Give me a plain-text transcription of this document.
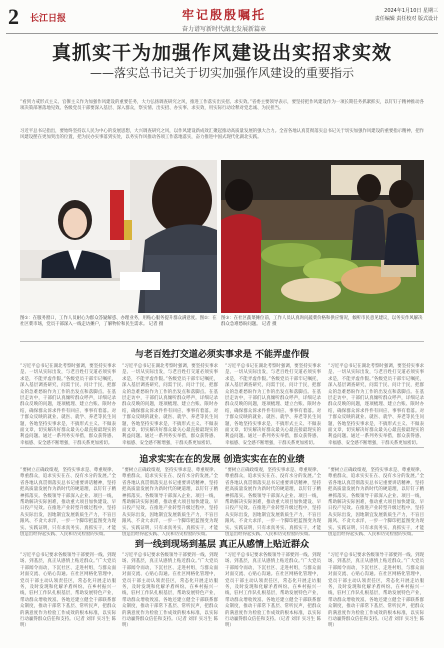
2 长江日报	牢记殷殷嘱托
奋力谱写新时代湖北发展新篇章
2024年1月10日 星期三
责任编辑 责任校对 版式设计
真抓实干为加强作风建设出实招求实效
——落实总书记关于切实加强作风建设的重要指示
“看到力戒形式主义、官僚主义作为加强作风建设的重要任务，大力弘扬调查研究之风，推进工作落实出实招、求实效。”省委主要领导表示，要坚持把作风建设作为一项长期任务抓紧抓实，以钉钉子精神推动各项决策部署落地见效。各级党员干部要深入基层、深入群众，察实情、出实招、办实事、求实效，用实际行动诠释对党忠诚、为民担当。
习近平总书记指出，要始终坚持以人民为中心的发展思想，大兴调查研究之风，以作风建设新成效汇聚起推动高质量发展的强大合力。全省各地认真贯彻落实总书记关于切实加强作风建设的重要指示精神，把作风建设摆在更加突出的位置，把为民办实事落到实处，以务实作风推动各项工作落地落实，奋力推进中国式现代化湖北实践。
图①：在服务窗口，工作人员耐心为群众答疑解惑、办理业务，用贴心服务提升群众满意度。图②：在社区菜市场，党员干部深入一线走访摊户，了解物价和民生需求。 记者 摄
图③：在社区蔬菜摊位前，工作人员认真询问蔬菜价格和供应情况，倾听市民意见建议，以务实作风解决群众急难愁盼问题。 记者 摄
与老百姓打交道必须实事求是 不能弄虚作假
“习近平总书记在湖北考察时强调，要坚持实事求是、一切从实际出发，与老百姓打交道必须实事求是，不能弄虚作假。”各级党员干部牢记嘱托，深入基层调查研究，问需于民、问计于民，把群众的急难愁盼作为工作的出发点和落脚点。在基层走访中，干部们认真倾听群众呼声，详细记录群众反映的问题，逐项梳理、建立台账、限时办结，确保群众诉求件件有回应、事事有着落。对于群众反映的就业、就医、就学、养老等民生问题，各地坚持实事求是，不搞形式主义、不做表面文章，切实解决好群众最关心最直接最现实的利益问题。通过一系列务实举措，群众获得感、幸福感、安全感不断增强，干群关系更加密切。
“习近平总书记在湖北考察时强调，要坚持实事求是、一切从实际出发，与老百姓打交道必须实事求是，不能弄虚作假。”各级党员干部牢记嘱托，深入基层调查研究，问需于民、问计于民，把群众的急难愁盼作为工作的出发点和落脚点。在基层走访中，干部们认真倾听群众呼声，详细记录群众反映的问题，逐项梳理、建立台账、限时办结，确保群众诉求件件有回应、事事有着落。对于群众反映的就业、就医、就学、养老等民生问题，各地坚持实事求是，不搞形式主义、不做表面文章，切实解决好群众最关心最直接最现实的利益问题。通过一系列务实举措，群众获得感、幸福感、安全感不断增强，干群关系更加密切。
“习近平总书记在湖北考察时强调，要坚持实事求是、一切从实际出发，与老百姓打交道必须实事求是，不能弄虚作假。”各级党员干部牢记嘱托，深入基层调查研究，问需于民、问计于民，把群众的急难愁盼作为工作的出发点和落脚点。在基层走访中，干部们认真倾听群众呼声，详细记录群众反映的问题，逐项梳理、建立台账、限时办结，确保群众诉求件件有回应、事事有着落。对于群众反映的就业、就医、就学、养老等民生问题，各地坚持实事求是，不搞形式主义、不做表面文章，切实解决好群众最关心最直接最现实的利益问题。通过一系列务实举措，群众获得感、幸福感、安全感不断增强，干群关系更加密切。
“习近平总书记在湖北考察时强调，要坚持实事求是、一切从实际出发，与老百姓打交道必须实事求是，不能弄虚作假。”各级党员干部牢记嘱托，深入基层调查研究，问需于民、问计于民，把群众的急难愁盼作为工作的出发点和落脚点。在基层走访中，干部们认真倾听群众呼声，详细记录群众反映的问题，逐项梳理、建立台账、限时办结，确保群众诉求件件有回应、事事有着落。对于群众反映的就业、就医、就学、养老等民生问题，各地坚持实事求是，不搞形式主义、不做表面文章，切实解决好群众最关心最直接最现实的利益问题。通过一系列务实举措，群众获得感、幸福感、安全感不断增强，干群关系更加密切。
追求实实在在的发展 创造实实在在的业绩
“要树立正确政绩观，坚持实事求是、尊重规律、尊重群众，追求实实在在、没有水分的发展。”全省各地认真贯彻落实总书记重要讲话精神，坚持把高质量发展作为新时代的硬道理，以钉钉子精神抓落实。各级领导干部深入企业、项目一线，帮助解决实际困难，推动重大项目加快建设、早日投产见效。在推进产业转型升级过程中，坚持从实际出发，因地制宜发展新质生产力，不盲目跟风、不贪大求洋，一步一个脚印把蓝图变为现实。实践证明，只有求真务实、真抓实干，才能创造出经得起实践、人民和历史检验的实绩。
“要树立正确政绩观，坚持实事求是、尊重规律、尊重群众，追求实实在在、没有水分的发展。”全省各地认真贯彻落实总书记重要讲话精神，坚持把高质量发展作为新时代的硬道理，以钉钉子精神抓落实。各级领导干部深入企业、项目一线，帮助解决实际困难，推动重大项目加快建设、早日投产见效。在推进产业转型升级过程中，坚持从实际出发，因地制宜发展新质生产力，不盲目跟风、不贪大求洋，一步一个脚印把蓝图变为现实。实践证明，只有求真务实、真抓实干，才能创造出经得起实践、人民和历史检验的实绩。
“要树立正确政绩观，坚持实事求是、尊重规律、尊重群众，追求实实在在、没有水分的发展。”全省各地认真贯彻落实总书记重要讲话精神，坚持把高质量发展作为新时代的硬道理，以钉钉子精神抓落实。各级领导干部深入企业、项目一线，帮助解决实际困难，推动重大项目加快建设、早日投产见效。在推进产业转型升级过程中，坚持从实际出发，因地制宜发展新质生产力，不盲目跟风、不贪大求洋，一步一个脚印把蓝图变为现实。实践证明，只有求真务实、真抓实干，才能创造出经得起实践、人民和历史检验的实绩。
“要树立正确政绩观，坚持实事求是、尊重规律、尊重群众，追求实实在在、没有水分的发展。”全省各地认真贯彻落实总书记重要讲话精神，坚持把高质量发展作为新时代的硬道理，以钉钉子精神抓落实。各级领导干部深入企业、项目一线，帮助解决实际困难，推动重大项目加快建设、早日投产见效。在推进产业转型升级过程中，坚持从实际出发，因地制宜发展新质生产力，不盲目跟风、不贪大求洋，一步一个脚印把蓝图变为现实。实践证明，只有求真务实、真抓实干，才能创造出经得起实践、人民和历史检验的实绩。
到一线到现场到基层 真正从感情上贴近群众
“习近平总书记要求各级领导干部要到一线、到现场、到基层，真正从感情上贴近群众。”广大党员干部闻令而动，下沉社区、走进村组，与群众面对面交流、心贴心沟通。在社区网格化管理中，党员干部主动认领责任区，常态化开展走访服务，及时发现和化解矛盾纠纷。在乡村振兴一线，驻村工作队扎根基层，帮助发展特色产业，带动群众增收致富。各地还建立健全干部联系群众制度，推动干部常下基层、常听民声，把群众的满意度作为检验工作成效的根本标准，以实际行动赢得群众信任和支持。（记者 刘洋 实习生 陈明）
“习近平总书记要求各级领导干部要到一线、到现场、到基层，真正从感情上贴近群众。”广大党员干部闻令而动，下沉社区、走进村组，与群众面对面交流、心贴心沟通。在社区网格化管理中，党员干部主动认领责任区，常态化开展走访服务，及时发现和化解矛盾纠纷。在乡村振兴一线，驻村工作队扎根基层，帮助发展特色产业，带动群众增收致富。各地还建立健全干部联系群众制度，推动干部常下基层、常听民声，把群众的满意度作为检验工作成效的根本标准，以实际行动赢得群众信任和支持。（记者 刘洋 实习生 陈明）
“习近平总书记要求各级领导干部要到一线、到现场、到基层，真正从感情上贴近群众。”广大党员干部闻令而动，下沉社区、走进村组，与群众面对面交流、心贴心沟通。在社区网格化管理中，党员干部主动认领责任区，常态化开展走访服务，及时发现和化解矛盾纠纷。在乡村振兴一线，驻村工作队扎根基层，帮助发展特色产业，带动群众增收致富。各地还建立健全干部联系群众制度，推动干部常下基层、常听民声，把群众的满意度作为检验工作成效的根本标准，以实际行动赢得群众信任和支持。（记者 刘洋 实习生 陈明）
“习近平总书记要求各级领导干部要到一线、到现场、到基层，真正从感情上贴近群众。”广大党员干部闻令而动，下沉社区、走进村组，与群众面对面交流、心贴心沟通。在社区网格化管理中，党员干部主动认领责任区，常态化开展走访服务，及时发现和化解矛盾纠纷。在乡村振兴一线，驻村工作队扎根基层，帮助发展特色产业，带动群众增收致富。各地还建立健全干部联系群众制度，推动干部常下基层、常听民声，把群众的满意度作为检验工作成效的根本标准，以实际行动赢得群众信任和支持。（记者 刘洋 实习生 陈明）
